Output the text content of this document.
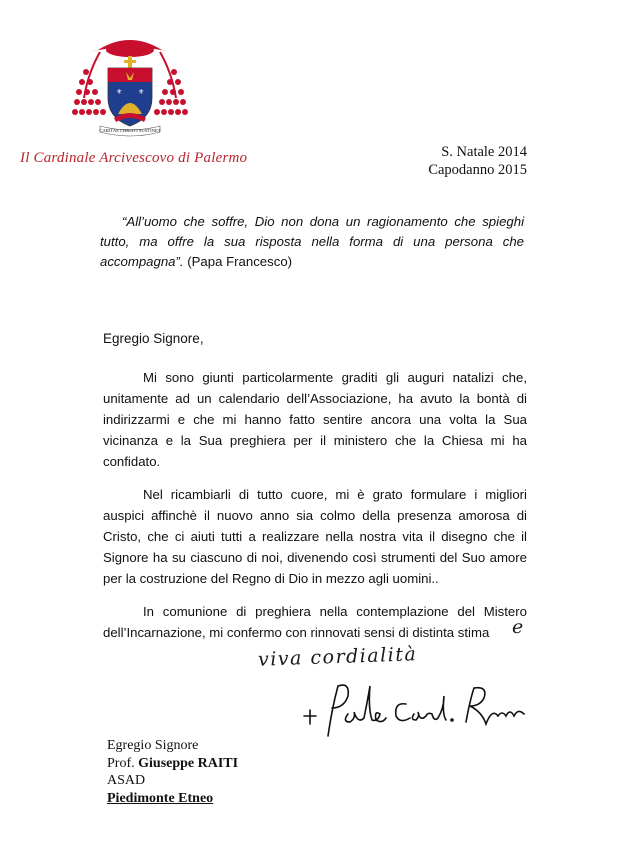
⚜ ⚜
CARITAS CHRISTI SUSTINET
Il Cardinale Arcivescovo di Palermo	S. Natale 2014
Capodanno 2015
“All’uomo che soffre, Dio non dona un ragionamento che spieghi tutto, ma offre la sua risposta nella forma di una persona che accompagna”. (Papa Francesco)
Egregio Signore,

Mi sono giunti particolarmente graditi gli auguri natalizi che, unitamente ad un calendario dell’Associazione, ha avuto la bontà di indirizzarmi e che mi hanno fatto sentire ancora una volta la Sua vicinanza e la Sua preghiera per il ministero che la Chiesa mi ha confidato.

Nel ricambiarli di tutto cuore, mi è grato formulare i migliori auspici affinchè il nuovo anno sia colmo della presenza amorosa di Cristo, che ci aiuti tutti a realizzare nella nostra vita il disegno che il Signore ha su ciascuno di noi, divenendo così strumenti del Suo amore per la costruzione del Regno di Dio in mezzo agli uomini..

In comunione di preghiera nella contemplazione del Mistero dell’Incarnazione, mi confermo con rinnovati sensi di distinta stima	e
viva cordialità
Egregio Signore
Prof. Giuseppe RAITI
ASAD
Piedimonte Etneo
